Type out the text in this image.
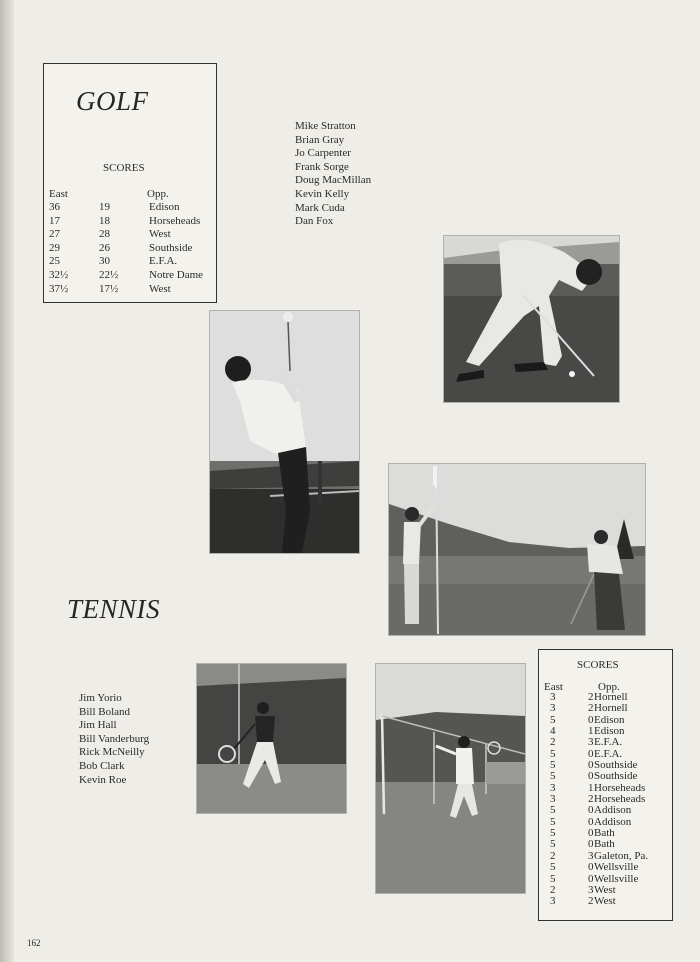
GOLF
SCORES
East	Opp.
36	19	Edison
17	18	Horseheads
27	28	West
29	26	Southside
25	30	E.F.A.
32½	22½	Notre Dame
37½	17½	West
Mike Stratton
Brian Gray
Jo Carpenter
Frank Sorge
Doug MacMillan
Kevin Kelly
Mark Cuda
Dan Fox
TENNIS
Jim Yorio
Bill Boland
Jim Hall
Bill Vanderburg
Rick McNeilly
Bob Clark
Kevin Roe
SCORES
East	Opp.
3	2 Hornell
3	2 Hornell
5	0 Edison
4	1 Edison
2	3 E.F.A.
5	0 E.F.A.
5	0 Southside
5	0 Southside
3	1 Horseheads
3	2 Horseheads
5	0 Addison
5	0 Addison
5	0 Bath
5	0 Bath
2	3 Galeton, Pa.
5	0 Wellsville
5	0 Wellsville
2	3 West
3	2 West
162
